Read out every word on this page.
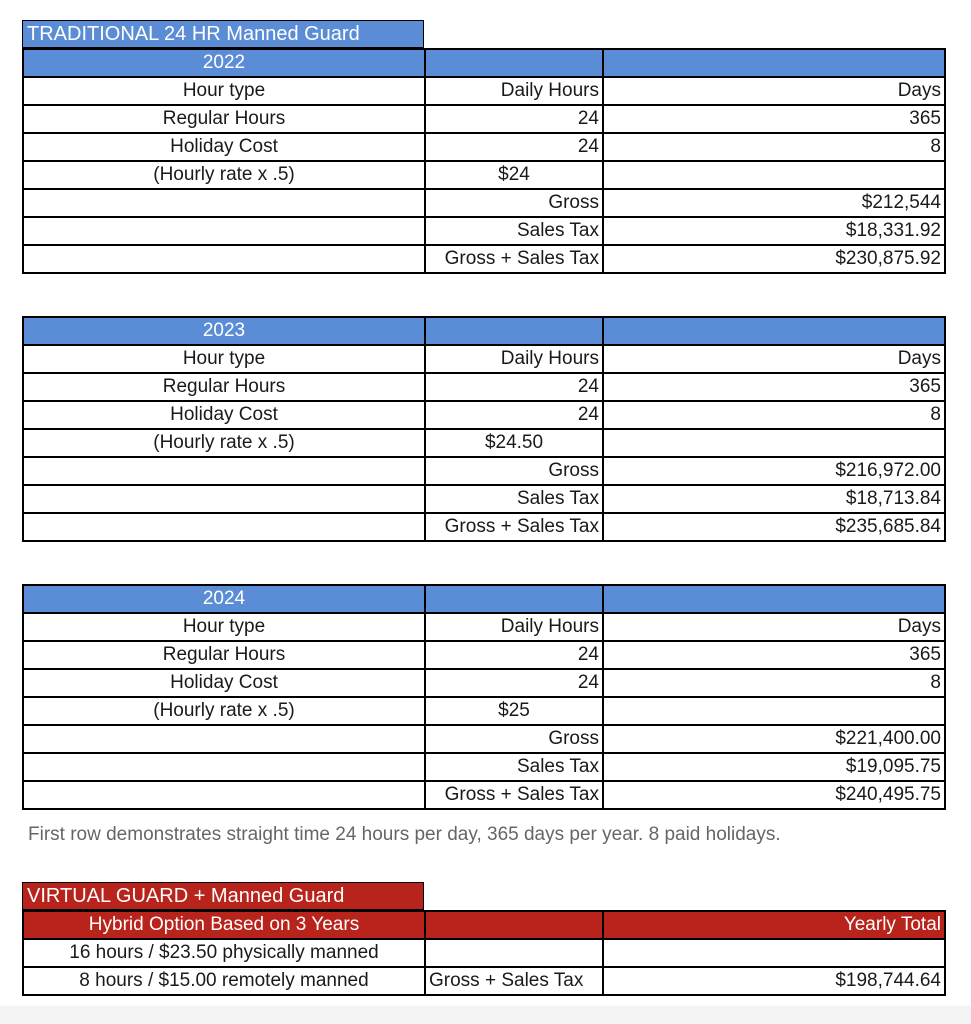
TRADITIONAL 24 HR Manned Guard
2022		
Hour type	Daily Hours	Days
Regular Hours	24	365
Holiday Cost	24	8
(Hourly rate x .5)	$24	
	Gross	$212,544
	Sales Tax	$18,331.92
	Gross + Sales Tax	$230,875.92
2023		
Hour type	Daily Hours	Days
Regular Hours	24	365
Holiday Cost	24	8
(Hourly rate x .5)	$24.50	
	Gross	$216,972.00
	Sales Tax	$18,713.84
	Gross + Sales Tax	$235,685.84
2024		
Hour type	Daily Hours	Days
Regular Hours	24	365
Holiday Cost	24	8
(Hourly rate x .5)	$25	
	Gross	$221,400.00
	Sales Tax	$19,095.75
	Gross + Sales Tax	$240,495.75
First row demonstrates straight time 24 hours per day, 365 days per year. 8 paid holidays.
VIRTUAL GUARD + Manned Guard
Hybrid Option Based on 3 Years		Yearly Total
16 hours / $23.50 physically manned		
8 hours / $15.00 remotely manned	Gross + Sales Tax	$198,744.64
